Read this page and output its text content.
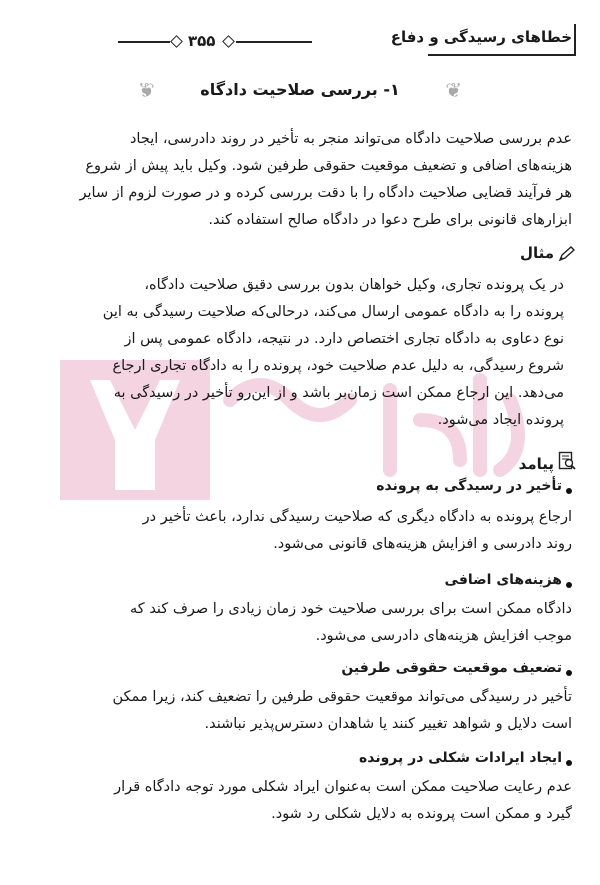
خطاهای رسیدگی و دفاع
۳۵۵
❦
۱- بررسی صلاحیت دادگاه
❦
عدم بررسی صلاحیت دادگاه می‌تواند منجر به تأخیر در روند دادرسی، ایجاد
هزینه‌های اضافی و تضعیف موقعیت حقوقی طرفین شود. وکیل باید پیش از شروع
هر فرآیند قضایی صلاحیت دادگاه را با دقت بررسی کرده و در صورت لزوم از سایر
ابزارهای قانونی برای طرح دعوا در دادگاه صالح استفاده کند.
مثال
در یک پرونده تجاری، وکیل خواهان بدون بررسی دقیق صلاحیت دادگاه،
پرونده را به دادگاه عمومی ارسال می‌کند، درحالی‌که صلاحیت رسیدگی به این
نوع دعاوی به دادگاه تجاری اختصاص دارد. در نتیجه، دادگاه عمومی پس از
شروع رسیدگی، به دلیل عدم صلاحیت خود، پرونده را به دادگاه تجاری ارجاع
می‌دهد. این ارجاع ممکن است زمان‌بر باشد و از این‌رو تأخیر در رسیدگی به
پرونده ایجاد می‌شود.
پیامد
تأخیر در رسیدگی به پرونده
ارجاع پرونده به دادگاه دیگری که صلاحیت رسیدگی ندارد، باعث تأخیر در
روند دادرسی و افزایش هزینه‌های قانونی می‌شود.
هزینه‌های اضافی
دادگاه ممکن است برای بررسی صلاحیت خود زمان زیادی را صرف کند که
موجب افزایش هزینه‌های دادرسی می‌شود.
تضعیف موقعیت حقوقی طرفین
تأخیر در رسیدگی می‌تواند موقعیت حقوقی طرفین را تضعیف کند، زیرا ممکن
است دلایل و شواهد تغییر کنند یا شاهدان دسترس‌پذیر نباشند.
ایجاد ایرادات شکلی در پرونده
عدم رعایت صلاحیت ممکن است به‌عنوان ایراد شکلی مورد توجه دادگاه قرار
گیرد و ممکن است پرونده به دلایل شکلی رد شود.
